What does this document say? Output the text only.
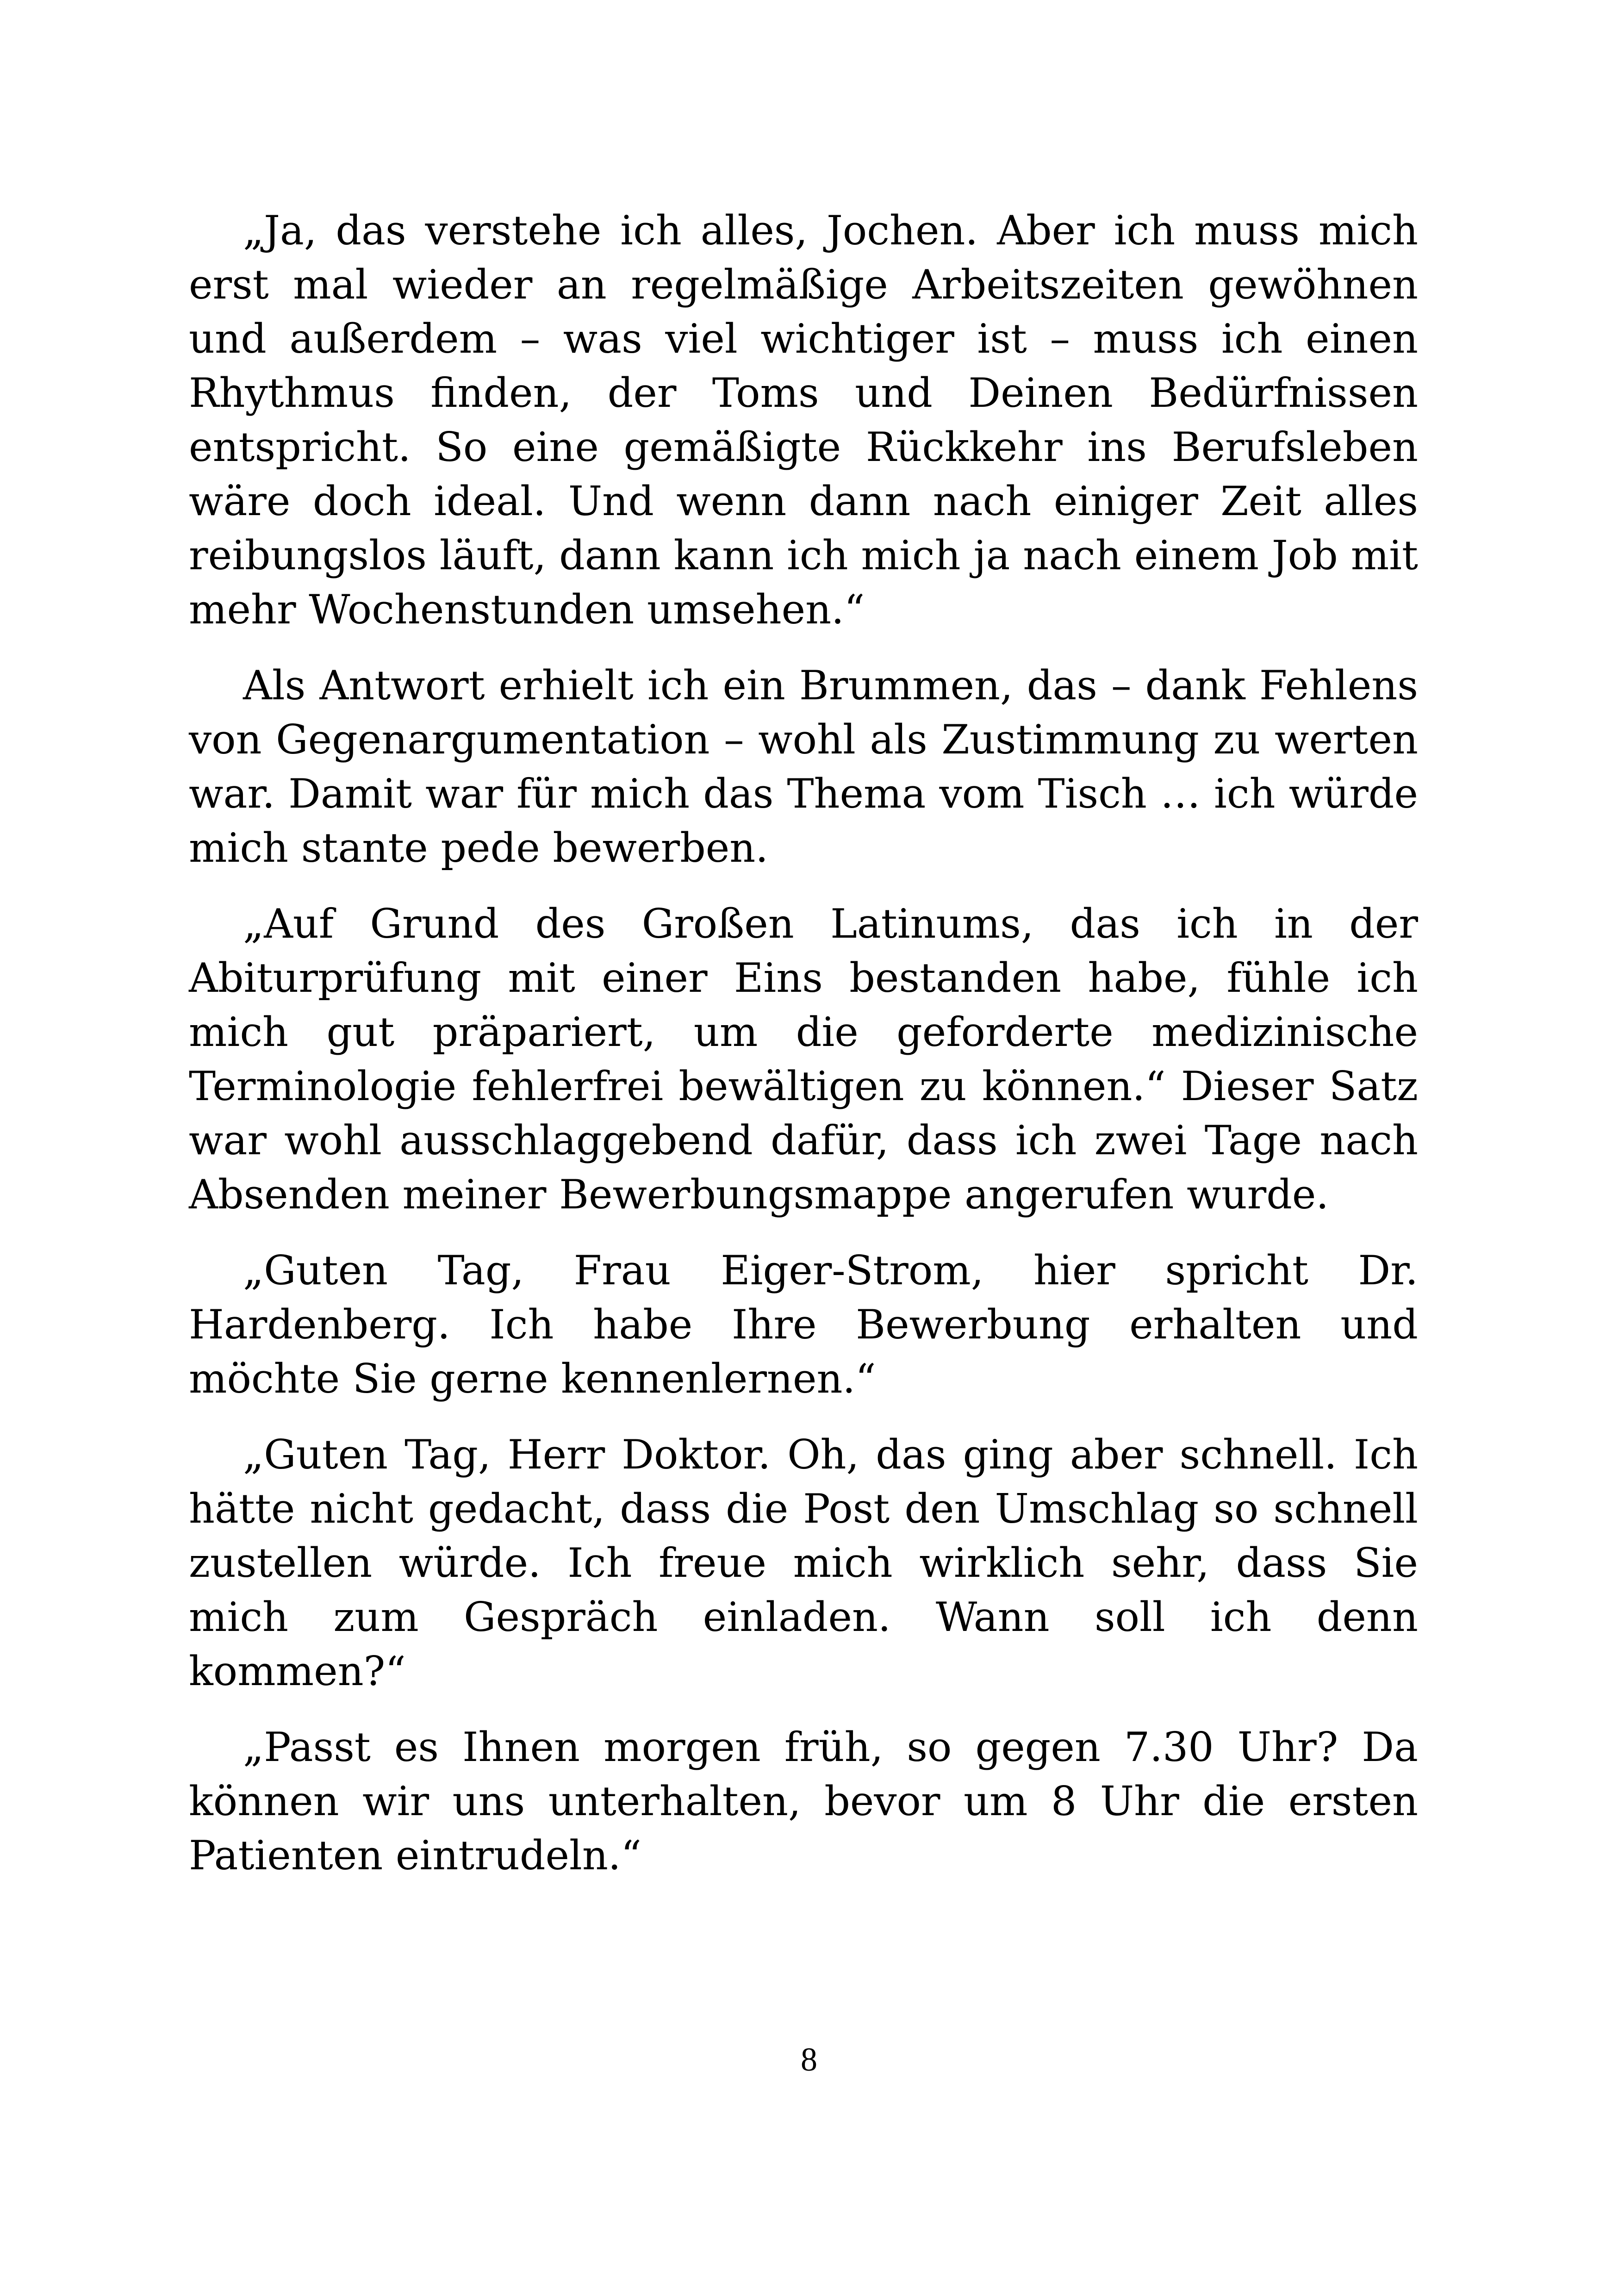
„Ja, das verstehe ich alles, Jochen. Aber ich muss mich erst mal wieder an regelmäßige Arbeitszeiten gewöhnen und außerdem – was viel wichtiger ist – muss ich einen Rhythmus finden, der Toms und Deinen Bedürfnissen entspricht. So eine gemäßigte Rückkehr ins Berufsleben wäre doch ideal. Und wenn dann nach einiger Zeit alles reibungslos läuft, dann kann ich mich ja nach einem Job mit mehr Wochenstunden umsehen.“

Als Antwort erhielt ich ein Brummen, das – dank Fehlens von Gegenargumentation – wohl als Zustimmung zu werten war. Damit war für mich das Thema vom Tisch … ich würde mich stante pede bewerben.

„Auf Grund des Großen Latinums, das ich in der Abiturprüfung mit einer Eins bestanden habe, fühle ich mich gut präpariert, um die geforderte medizinische Terminologie fehlerfrei bewältigen zu können.“ Dieser Satz war wohl ausschlaggebend dafür, dass ich zwei Tage nach Absenden meiner Bewerbungsmappe angerufen wurde.

„Guten Tag, Frau Eiger-Strom, hier spricht Dr. Hardenberg. Ich habe Ihre Bewerbung erhalten und möchte Sie gerne kennenlernen.“

„Guten Tag, Herr Doktor. Oh, das ging aber schnell. Ich hätte nicht gedacht, dass die Post den Umschlag so schnell zustellen würde. Ich freue mich wirklich sehr, dass Sie mich zum Gespräch einladen. Wann soll ich denn kommen?“

„Passt es Ihnen morgen früh, so gegen 7.30 Uhr? Da können wir uns unterhalten, bevor um 8 Uhr die ersten Patienten eintrudeln.“

8
